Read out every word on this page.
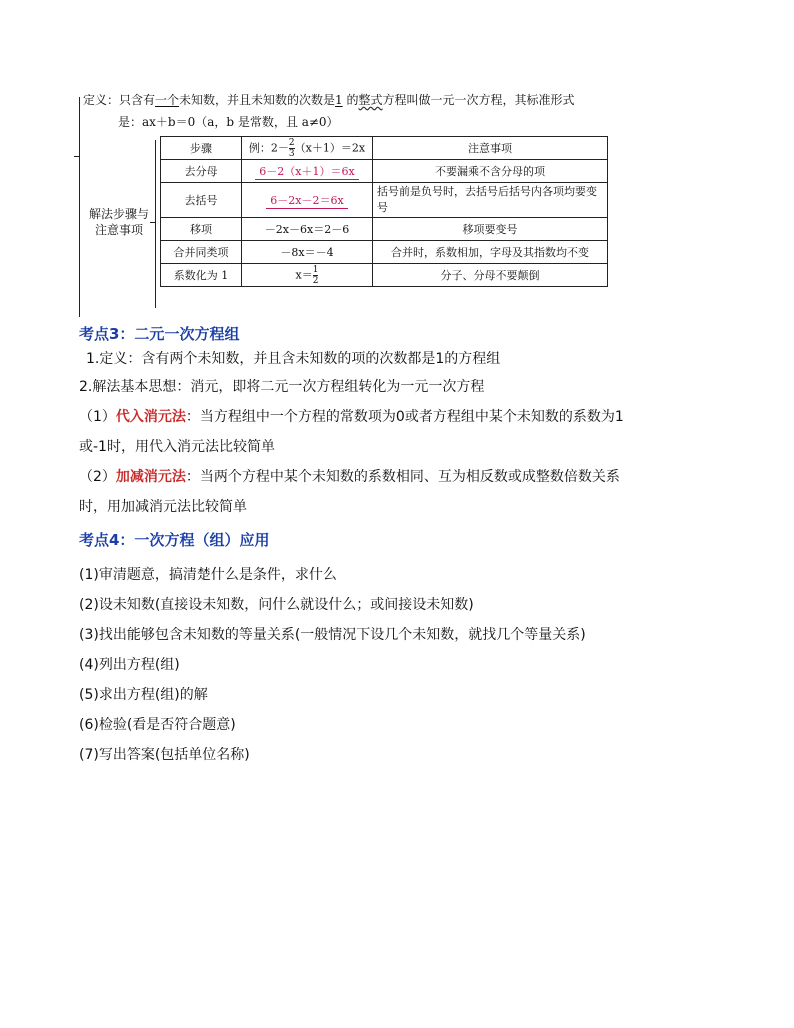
定义：只含有一个未知数，并且未知数的次数是1 的整式方程叫做一元一次方程，其标准形式
是：ax＋b＝0（a，b 是常数，且 a≠0）
解法步骤与
注意事项
步骤	例：$2- \frac{2}{3} (x+1)=2x$	注意事项
去分母	6－2（x＋1）＝6x	不要漏乘不含分母的项
去括号	6－2x－2＝6x	括号前是负号时，去括号后括号内各项均要变号
移项	－2x－6x＝2－6	移项要变号
合并同类项	－8x＝－4	合并时，系数相加，字母及其指数均不变
系数化为 1	$x= \frac{1}{2}$	分子、分母不要颠倒
考点3：二元一次方程组
1.定义：含有两个未知数，并且含未知数的项的次数都是1的方程组
2.解法基本思想：消元，即将二元一次方程组转化为一元一次方程
（1）代入消元法：当方程组中一个方程的常数项为0或者方程组中某个未知数的系数为1
或-1时，用代入消元法比较简单
（2）加减消元法：当两个方程中某个未知数的系数相同、互为相反数或成整数倍数关系
时，用加减消元法比较简单
考点4：一次方程（组）应用
(1)审清题意，搞清楚什么是条件，求什么
(2)设未知数(直接设未知数，问什么就设什么；或间接设未知数)
(3)找出能够包含未知数的等量关系(一般情况下设几个未知数，就找几个等量关系)
(4)列出方程(组)
(5)求出方程(组)的解
(6)检验(看是否符合题意)
(7)写出答案(包括单位名称)
